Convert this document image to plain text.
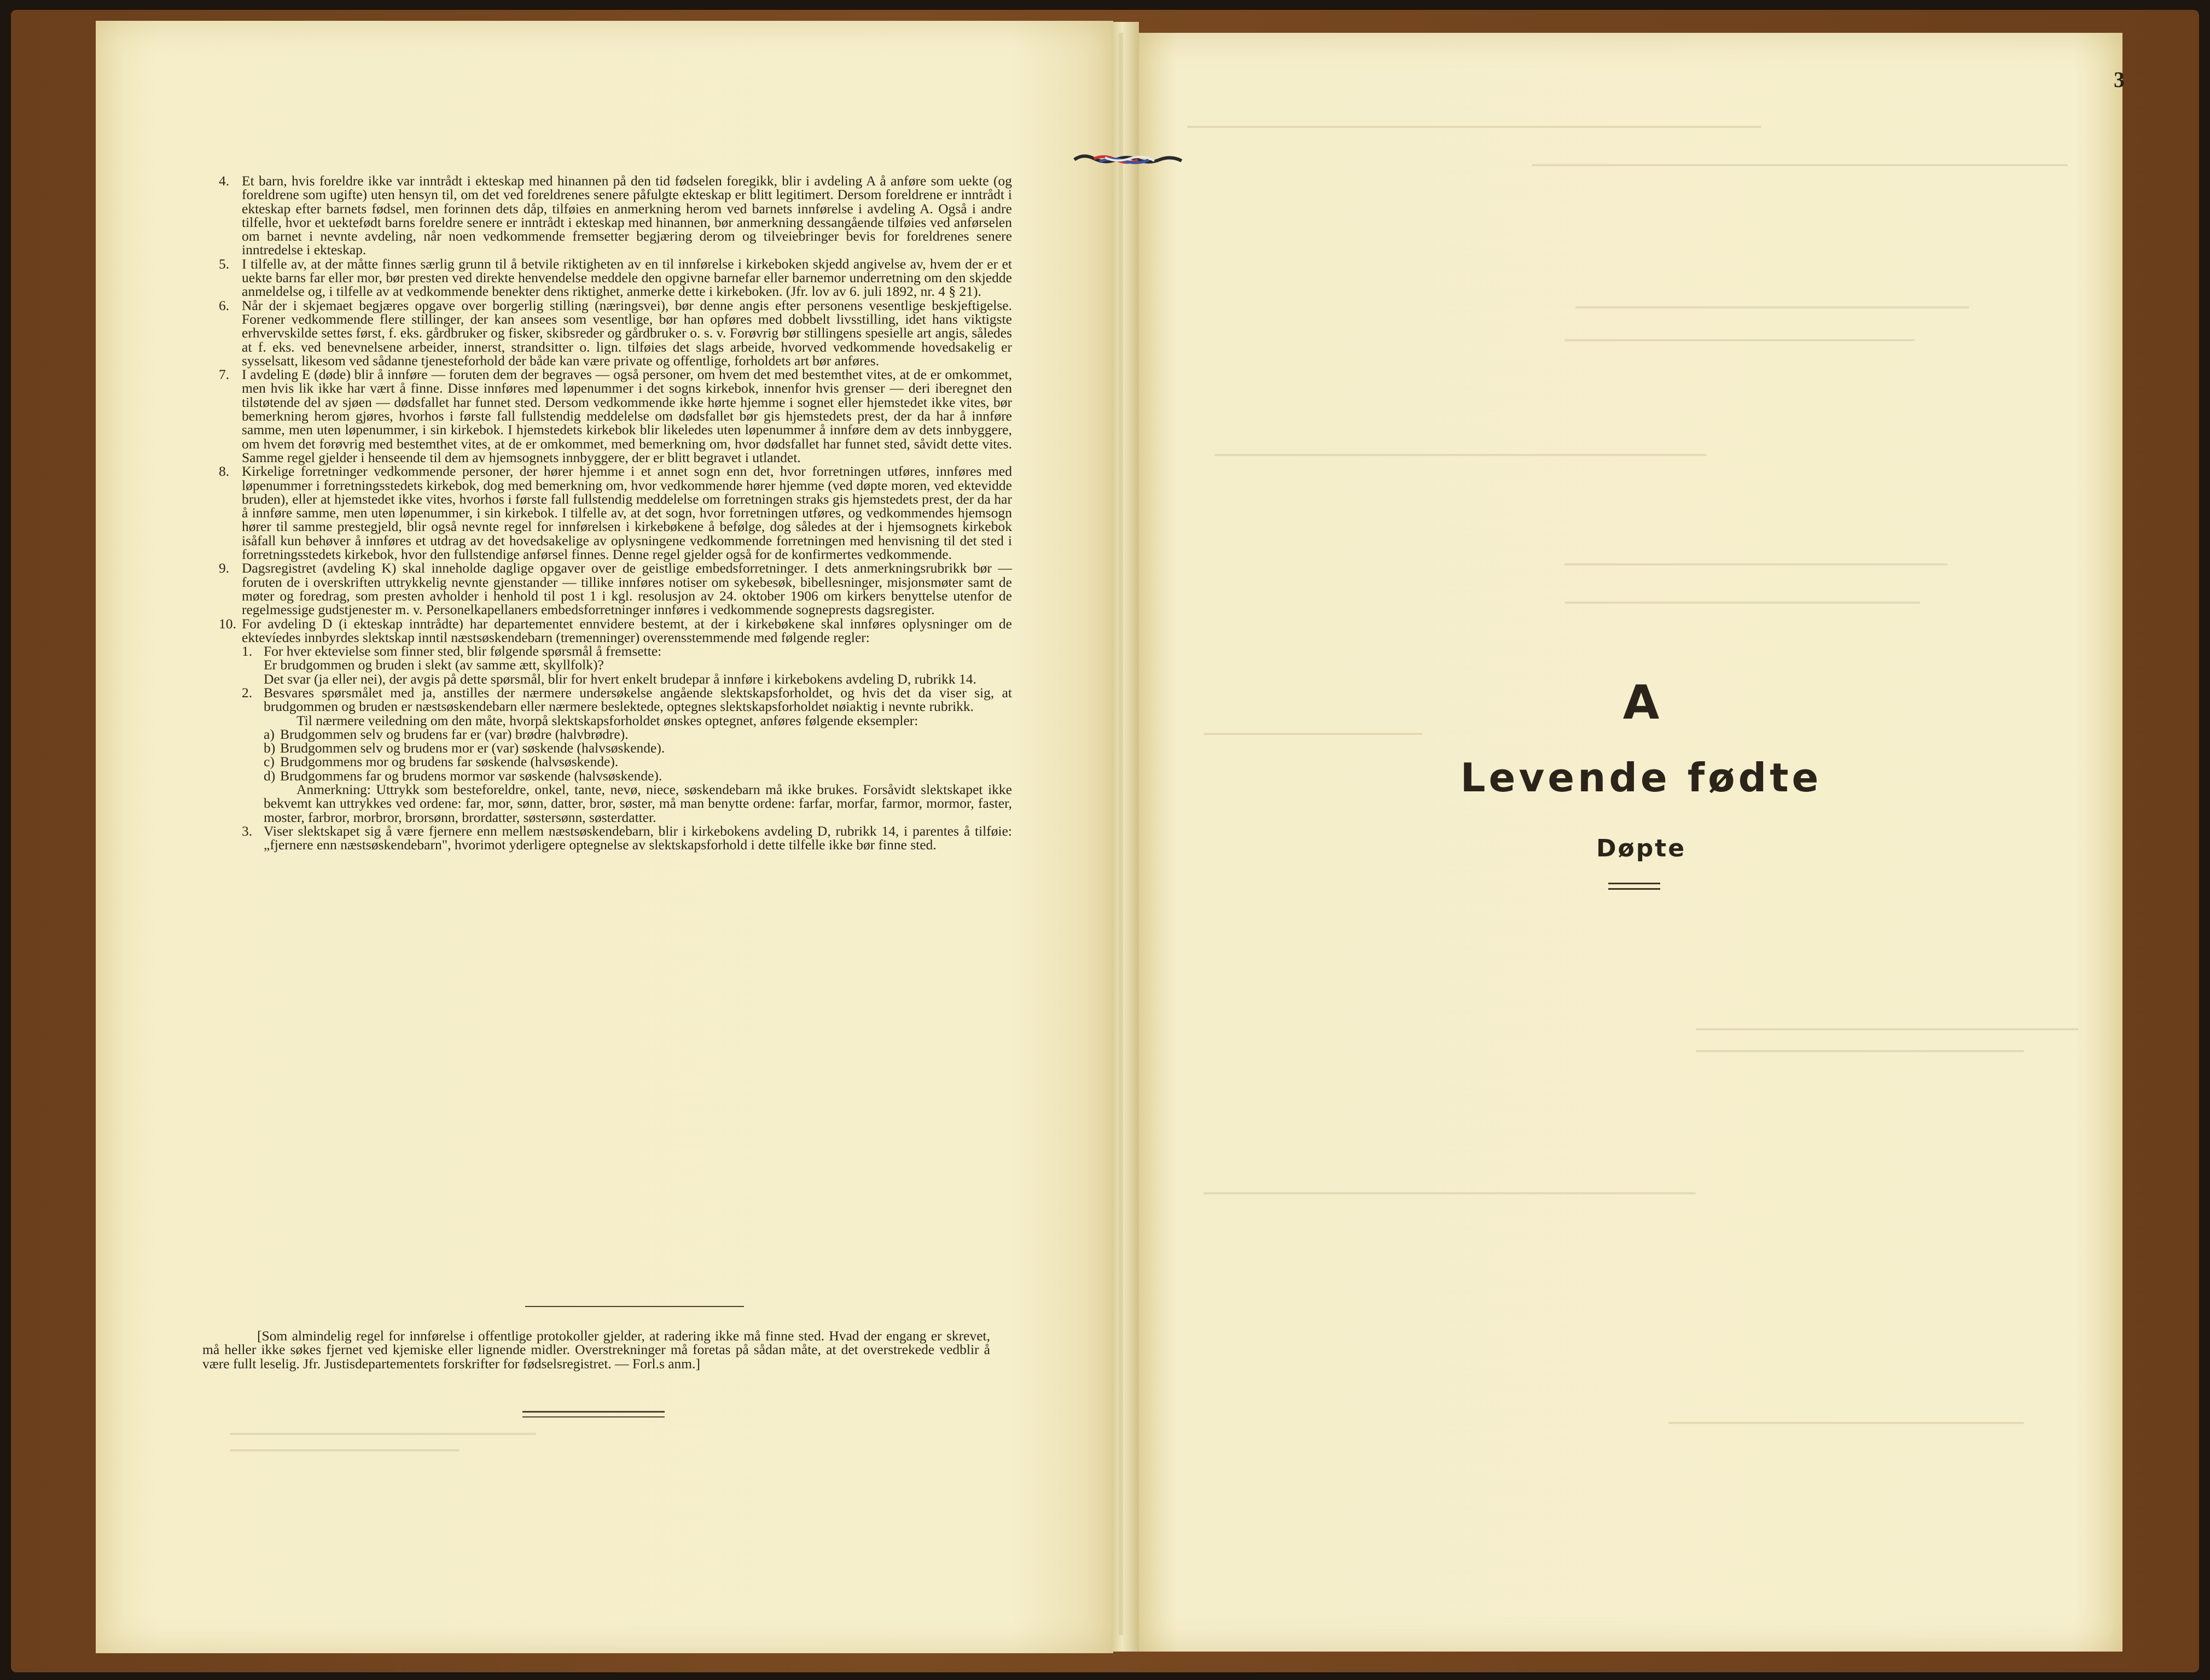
4. Et barn, hvis foreldre ikke var inntrådt i ekteskap med hinannen på den tid fødselen foregikk, blir i avdeling A å anføre som uekte (og foreldrene som ugifte) uten hensyn til, om det ved foreldrenes senere påfulgte ekteskap er blitt legitimert. Dersom foreldrene er inntrådt i ekteskap efter barnets fødsel, men forinnen dets dåp, tilføies en anmerkning herom ved barnets innførelse i avdeling A. Også i andre tilfelle, hvor et uektefødt barns foreldre senere er inntrådt i ekteskap med hinannen, bør anmerkning dessangående tilføies ved anførselen om barnet i nevnte avdeling, når noen vedkommende fremsetter begjæring derom og tilveiebringer bevis for foreldrenes senere inntredelse i ekteskap.
5. I tilfelle av, at der måtte finnes særlig grunn til å betvile riktigheten av en til innførelse i kirkeboken skjedd angivelse av, hvem der er et uekte barns far eller mor, bør presten ved direkte henvendelse meddele den opgivne barnefar eller barnemor underretning om den skjedde anmeldelse og, i tilfelle av at vedkommende benekter dens riktighet, anmerke dette i kirkeboken. (Jfr. lov av 6. juli 1892, nr. 4 § 21).
6. Når der i skjemaet begjæres opgave over borgerlig stilling (næringsvei), bør denne angis efter personens vesentlige beskjeftigelse. Forener vedkommende flere stillinger, der kan ansees som vesentlige, bør han opføres med dobbelt livsstilling, idet hans viktigste erhvervskilde settes først, f. eks. gårdbruker og fisker, skibsreder og gårdbruker o. s. v. Forøvrig bør stillingens spesielle art angis, således at f. eks. ved benevnelsene arbeider, innerst, strandsitter o. lign. tilføies det slags arbeide, hvorved vedkommende hovedsakelig er sysselsatt, likesom ved sådanne tjenesteforhold der både kan være private og offentlige, forholdets art bør anføres.
7. I avdeling E (døde) blir å innføre — foruten dem der begraves — også personer, om hvem det med bestemthet vites, at de er omkommet, men hvis lik ikke har vært å finne. Disse innføres med løpenummer i det sogns kirkebok, innenfor hvis grenser — deri iberegnet den tilstøtende del av sjøen — dødsfallet har funnet sted. Dersom vedkommende ikke hørte hjemme i sognet eller hjemstedet ikke vites, bør bemerkning herom gjøres, hvorhos i første fall fullstendig meddelelse om dødsfallet bør gis hjemstedets prest, der da har å innføre samme, men uten løpenummer, i sin kirkebok. I hjemstedets kirkebok blir likeledes uten løpenummer å innføre dem av dets innbyggere, om hvem det forøvrig med bestemthet vites, at de er omkommet, med bemerkning om, hvor dødsfallet har funnet sted, såvidt dette vites. Samme regel gjelder i henseende til dem av hjemsognets innbyggere, der er blitt begravet i utlandet.
8. Kirkelige forretninger vedkommende personer, der hører hjemme i et annet sogn enn det, hvor forretningen utføres, innføres med løpenummer i forretningsstedets kirkebok, dog med bemerkning om, hvor vedkommende hører hjemme (ved døpte moren, ved ektevidde bruden), eller at hjemstedet ikke vites, hvorhos i første fall fullstendig meddelelse om forretningen straks gis hjemstedets prest, der da har å innføre samme, men uten løpenummer, i sin kirkebok. I tilfelle av, at det sogn, hvor forretningen utføres, og vedkommendes hjemsogn hører til samme prestegjeld, blir også nevnte regel for innførelsen i kirkebøkene å befølge, dog således at der i hjemsognets kirkebok isåfall kun behøver å innføres et utdrag av det hovedsakelige av oplysningene vedkommende forretningen med henvisning til det sted i forretningsstedets kirkebok, hvor den fullstendige anførsel finnes. Denne regel gjelder også for de konfirmertes vedkommende.
9. Dagsregistret (avdeling K) skal inneholde daglige opgaver over de geistlige embedsforretninger. I dets anmerkningsrubrikk bør — foruten de i overskriften uttrykkelig nevnte gjenstander — tillike innføres notiser om sykebesøk, bibellesninger, misjonsmøter samt de møter og foredrag, som presten avholder i henhold til post 1 i kgl. resolusjon av 24. oktober 1906 om kirkers benyttelse utenfor de regelmessige gudstjenester m. v. Personelkapellaners embedsforretninger innføres i vedkommende sogneprests dagsregister.
10. For avdeling D (i ekteskap inntrådte) har departementet ennvidere bestemt, at der i kirkebøkene skal innføres oplysninger om de ektevíedes innbyrdes slektskap inntil næstsøskendebarn (tremenninger) overensstemmende med følgende regler:
1. For hver ektevielse som finner sted, blir følgende spørsmål å fremsette:
Er brudgommen og bruden i slekt (av samme ætt, skyllfolk)?
Det svar (ja eller nei), der avgis på dette spørsmål, blir for hvert enkelt brudepar å innføre i kirkebokens avdeling D, rubrikk 14.
2. Besvares spørsmålet med ja, anstilles der nærmere undersøkelse angående slektskapsforholdet, og hvis det da viser sig, at brudgommen og bruden er næstsøskendebarn eller nærmere beslektede, optegnes slektskapsforholdet nøiaktig i nevnte rubrikk.
Til nærmere veiledning om den måte, hvorpå slektskapsforholdet ønskes optegnet, anføres følgende eksempler:
a) Brudgommen selv og brudens far er (var) brødre (halvbrødre).
b) Brudgommen selv og brudens mor er (var) søskende (halvsøskende).
c) Brudgommens mor og brudens far søskende (halvsøskende).
d) Brudgommens far og brudens mormor var søskende (halvsøskende).
Anmerkning: Uttrykk som besteforeldre, onkel, tante, nevø, niece, søskendebarn må ikke brukes. Forsåvidt slektskapet ikke bekvemt kan uttrykkes ved ordene: far, mor, sønn, datter, bror, søster, må man benytte ordene: farfar, morfar, farmor, mormor, faster, moster, farbror, morbror, brorsønn, brordatter, søstersønn, søsterdatter.
3. Viser slektskapet sig å være fjernere enn mellem næstsøskendebarn, blir i kirkebokens avdeling D, rubrikk 14, i parentes å tilføie: „fjernere enn næstsøskendebarn", hvorimot yderligere optegnelse av slektskapsforhold i dette tilfelle ikke bør finne sted.
[Som almindelig regel for innførelse i offentlige protokoller gjelder, at radering ikke må finne sted. Hvad der engang er skrevet, må heller ikke søkes fjernet ved kjemiske eller lignende midler. Overstrekninger må foretas på sådan måte, at det overstrekede vedblir å være fullt leselig. Jfr. Justisdepartementets forskrifter for fødselsregistret. — Forl.s anm.]
3
A
Levende fødte
Døpte
